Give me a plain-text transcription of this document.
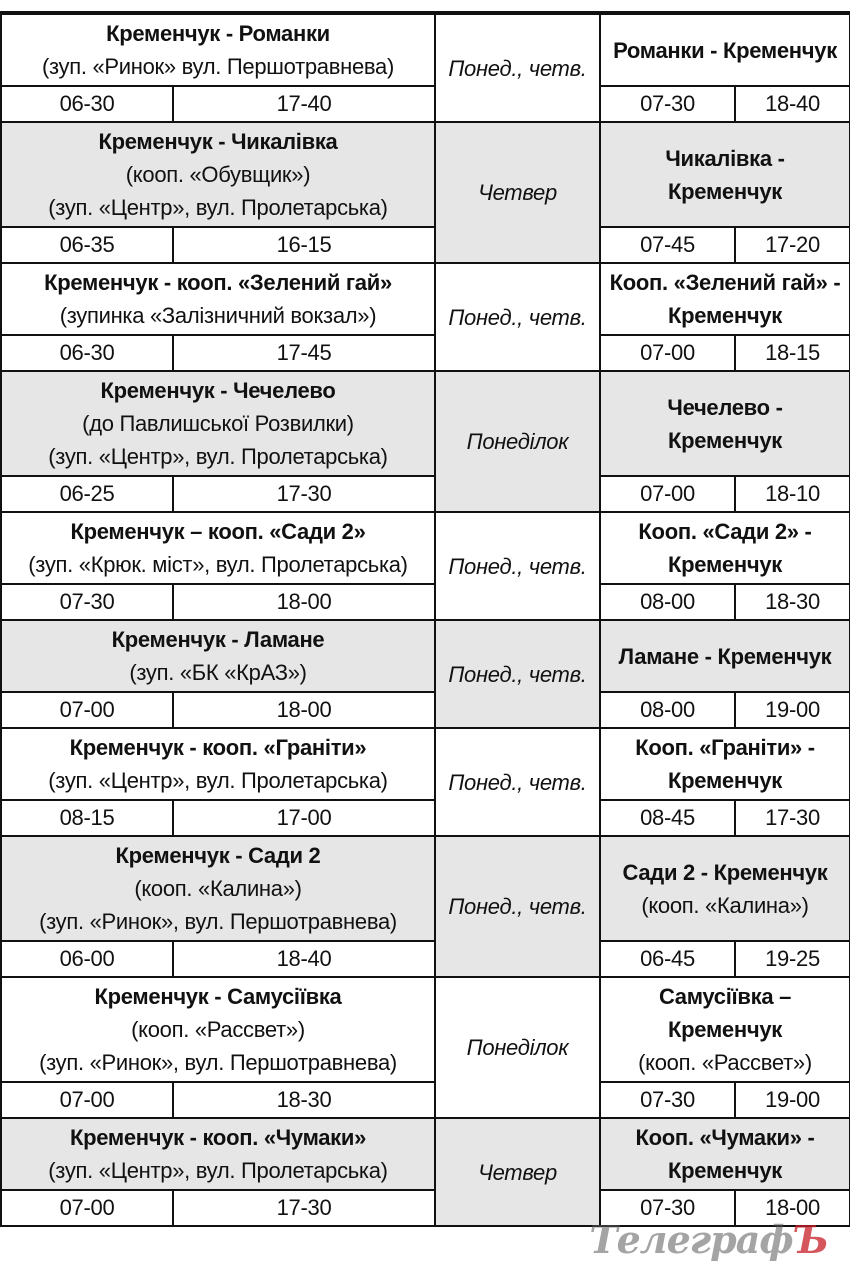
Кременчук - Романки
(зуп. «Ринок» вул. Першотравнева)		Понед., четв.	Романки - Кременчук	

06-30	17-40		07-30	18-40

Кременчук - Чикалівка
(кооп. «Обувщик»)
(зуп. «Центр», вул. Пролетарська)		Четвер	Чикалівка -
Кременчук	

06-35	16-15		07-45	17-20

Кременчук - кооп. «Зелений гай»
(зупинка «Залізничний вокзал»)		Понед., четв.	Кооп. «Зелений гай» -
Кременчук	

06-30	17-45		07-00	18-15

Кременчук - Чечелево
(до Павлишської Розвилки)
(зуп. «Центр», вул. Пролетарська)		Понеділок	Чечелево -
Кременчук	

06-25	17-30		07-00	18-10

Кременчук – кооп. «Сади 2»
(зуп. «Крюк. міст», вул. Пролетарська)		Понед., четв.	Кооп. «Сади 2» -
Кременчук	

07-30	18-00		08-00	18-30

Кременчук - Ламане
(зуп. «БК «КрАЗ»)		Понед., четв.	Ламане - Кременчук	

07-00	18-00		08-00	19-00

Кременчук - кооп. «Граніти»
(зуп. «Центр», вул. Пролетарська)		Понед., четв.	Кооп. «Граніти» -
Кременчук	

08-15	17-00		08-45	17-30

Кременчук - Сади 2
(кооп. «Калина»)
(зуп. «Ринок», вул. Першотравнева)		Понед., четв.	Сади 2 - Кременчук
(кооп. «Калина»)	

06-00	18-40		06-45	19-25

Кременчук - Самусіївка
(кооп. «Рассвет»)
(зуп. «Ринок», вул. Першотравнева)		Понеділок	Самусіївка –
Кременчук
(кооп. «Рассвет»)	

07-00	18-30		07-30	19-00

Кременчук - кооп. «Чумаки»
(зуп. «Центр», вул. Пролетарська)		Четвер	Кооп. «Чумаки» -
Кременчук	

07-00	17-30		07-30	18-00
ТелеграфЪ
